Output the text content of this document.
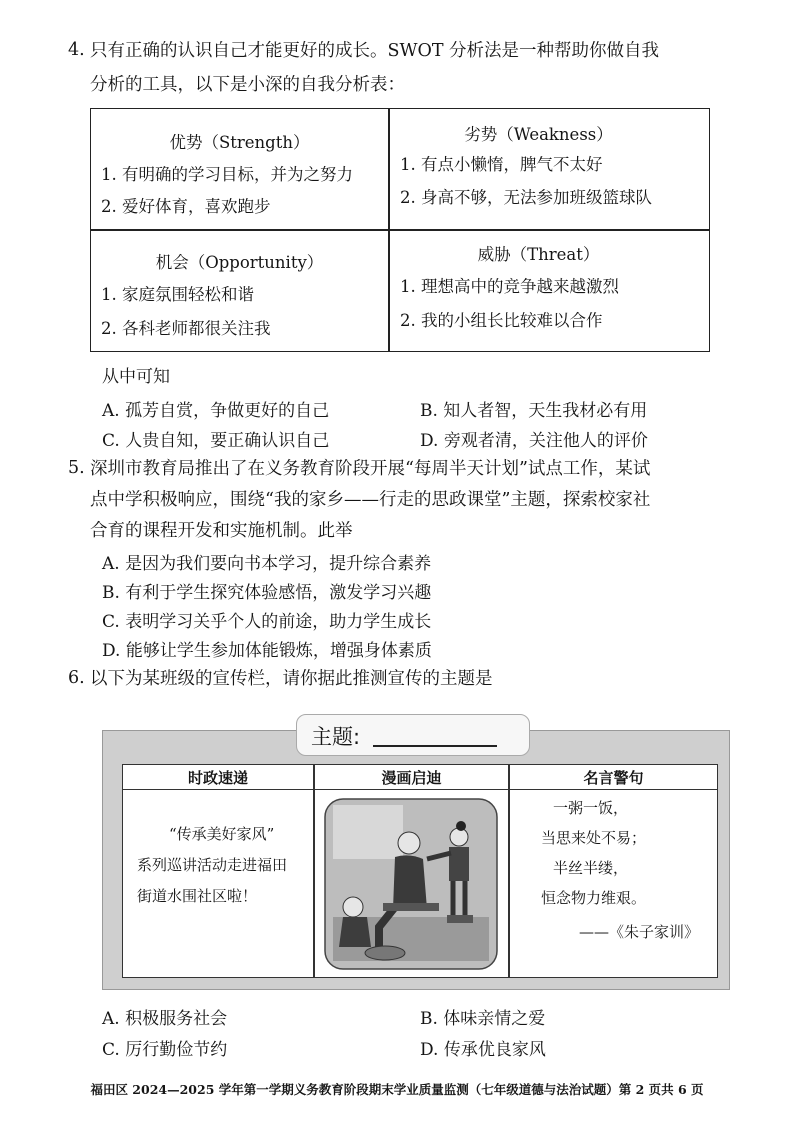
4. 只有正确的认识自己才能更好的成长。SWOT 分析法是一种帮助你做自我
分析的工具，以下是小深的自我分析表：
优势（Strength）
1. 有明确的学习目标，并为之努力
2. 爱好体育，喜欢跑步
劣势（Weakness）
1. 有点小懒惰，脾气不太好
2. 身高不够，无法参加班级篮球队
机会（Opportunity）
1. 家庭氛围轻松和谐
2. 各科老师都很关注我
威胁（Threat）
1. 理想高中的竞争越来越激烈
2. 我的小组长比较难以合作
从中可知
A. 孤芳自赏，争做更好的自己	B. 知人者智，天生我材必有用
C. 人贵自知，要正确认识自己	D. 旁观者清，关注他人的评价
5. 深圳市教育局推出了在义务教育阶段开展“每周半天计划”试点工作，某试
点中学积极响应，围绕“我的家乡——行走的思政课堂”主题，探索校家社
合育的课程开发和实施机制。此举
A. 是因为我们要向书本学习，提升综合素养
B. 有利于学生探究体验感悟，激发学习兴趣
C. 表明学习关乎个人的前途，助力学生成长
D. 能够让学生参加体能锻炼，增强身体素质
6. 以下为某班级的宣传栏，请你据此推测宣传的主题是
主题:
时政速递	漫画启迪	名言警句
“传承美好家风”
系列巡讲活动走进福田
街道水围社区啦！
一粥一饭，
当思来处不易；
半丝半缕，
恒念物力维艰。
——《朱子家训》
A. 积极服务社会	B. 体味亲情之爱
C. 厉行勤俭节约	D. 传承优良家风
福田区 2024—2025 学年第一学期义务教育阶段期末学业质量监测（七年级道德与法治试题）第 2 页共 6 页
